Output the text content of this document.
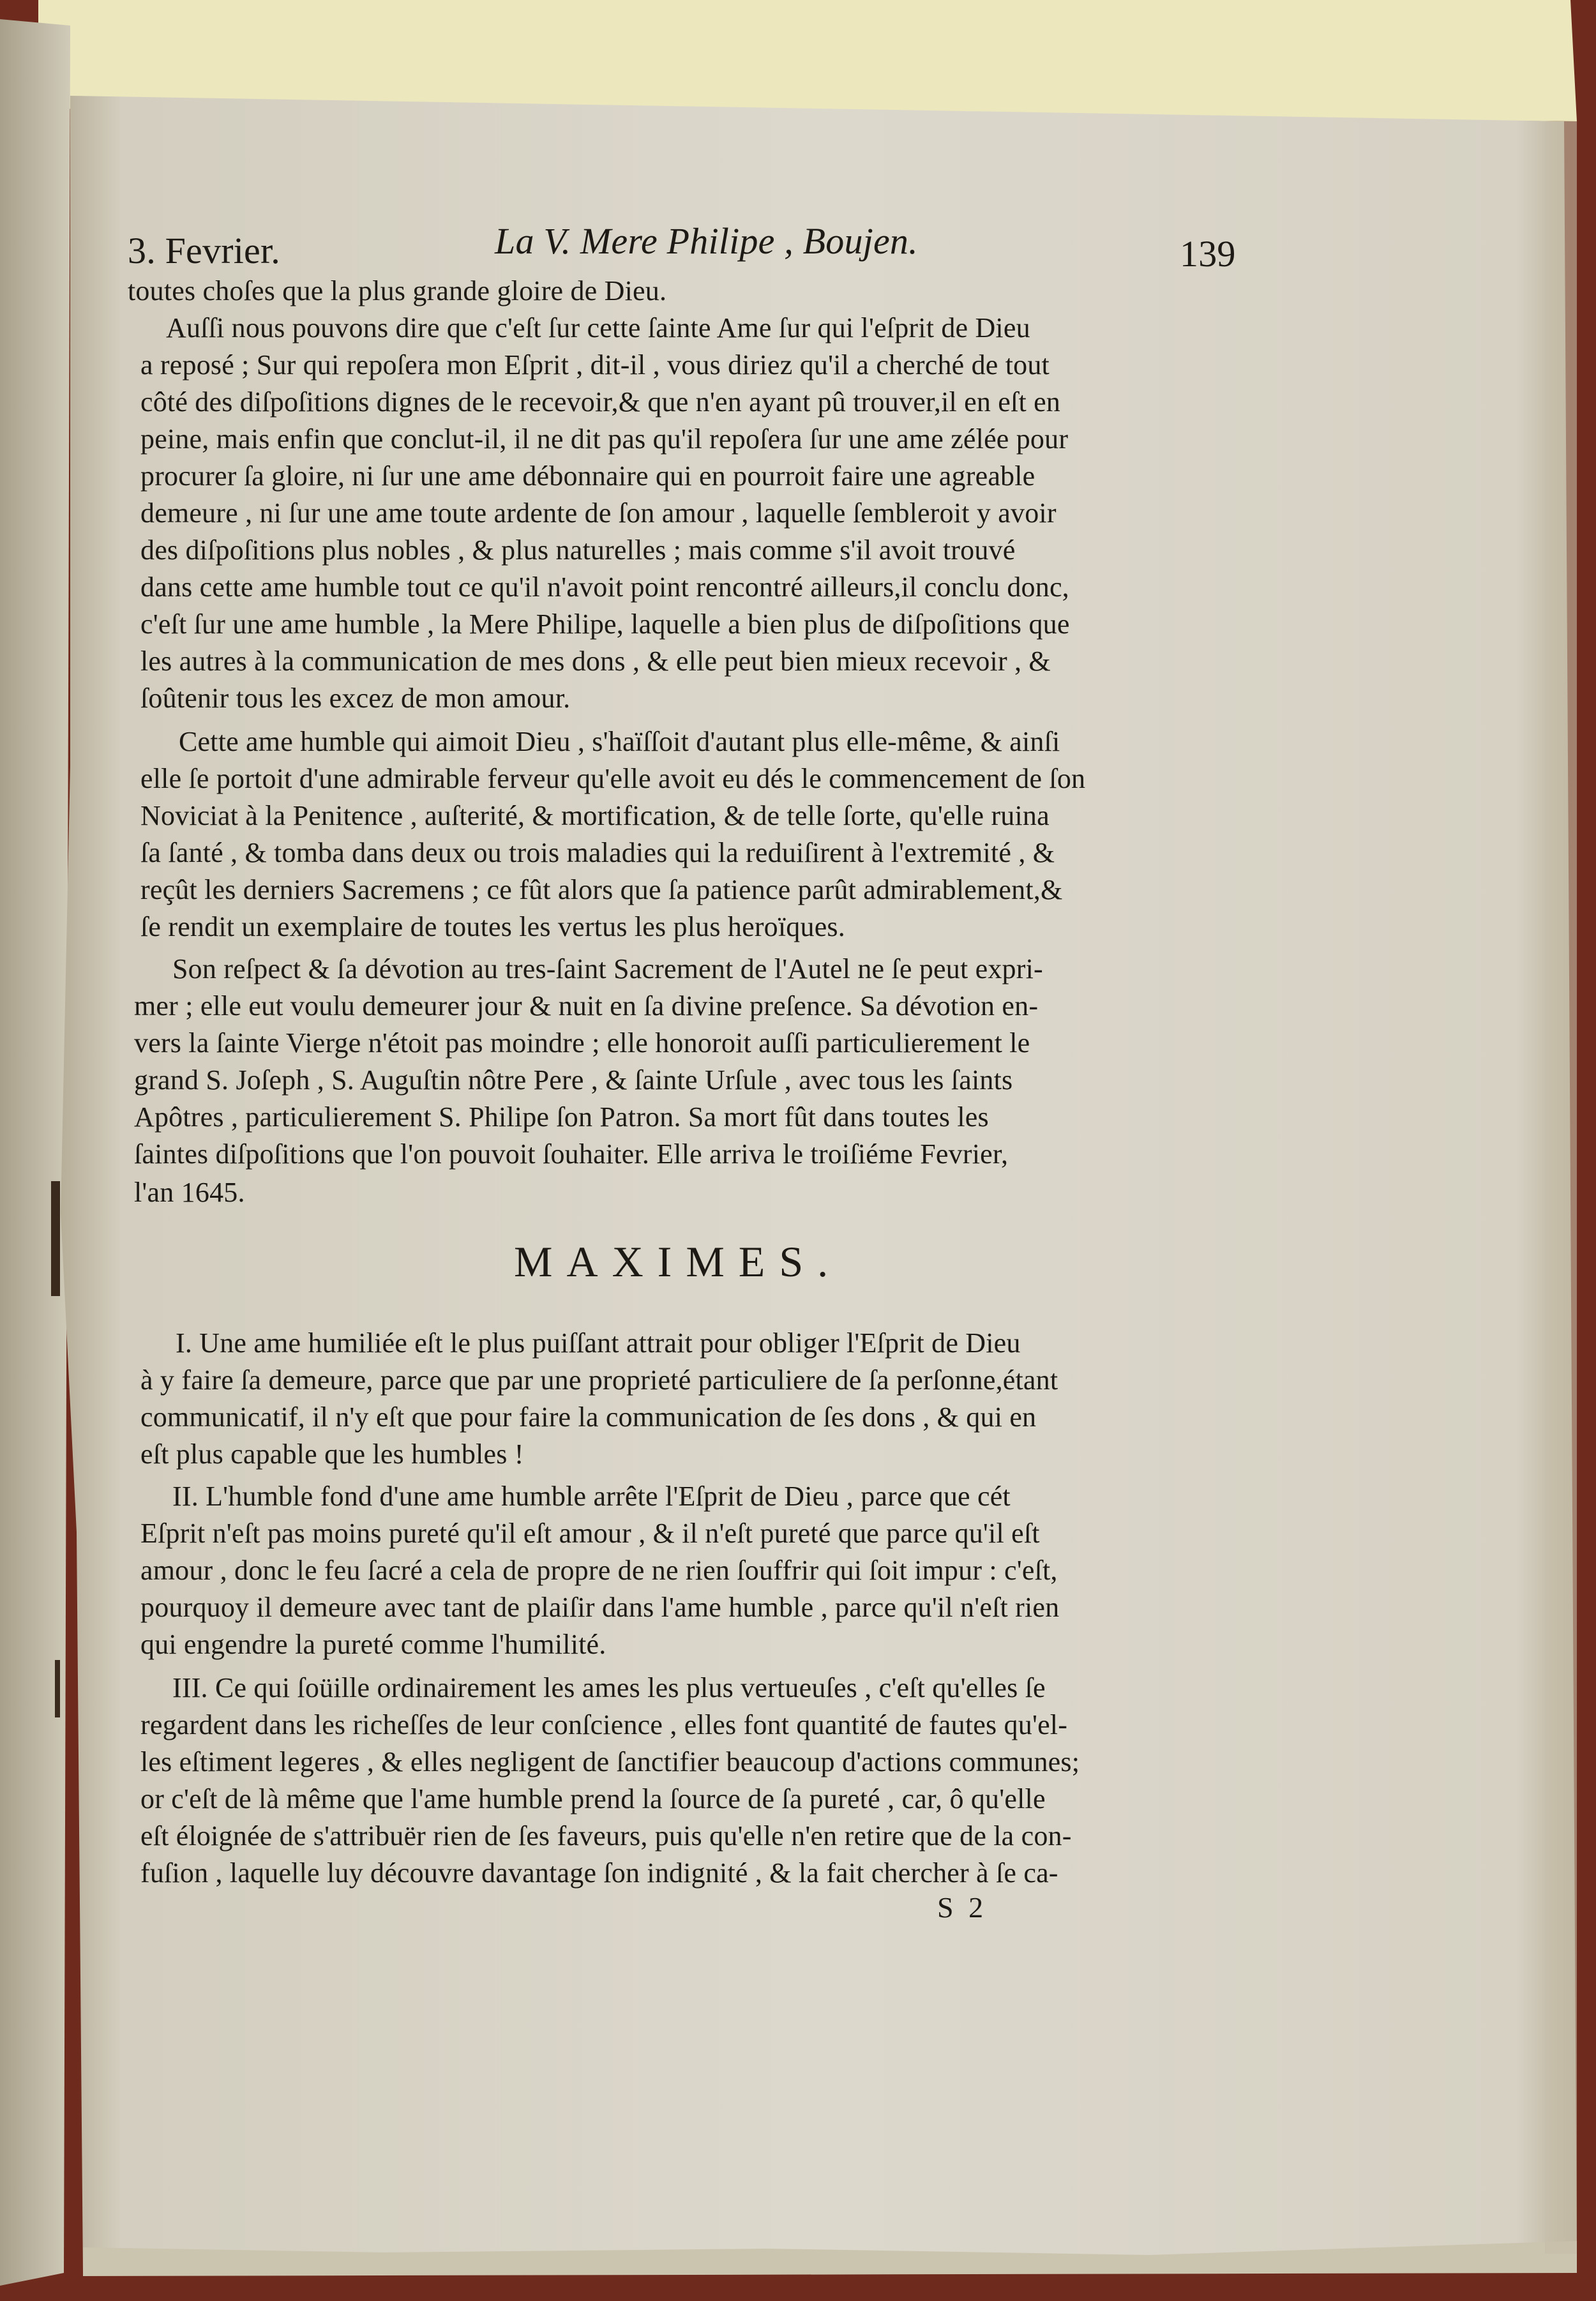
3. Fevrier.	La V. Mere Philipe , Boujen.	139

toutes choſes que la plus grande gloire de Dieu.

Auſſi nous pouvons dire que c'eſt ſur cette ſainte Ame ſur qui l'eſprit de Dieu

a reposé ; Sur qui repoſera mon Eſprit , dit-il , vous diriez qu'il a cherché de tout

côté des diſpoſitions dignes de le recevoir,& que n'en ayant pû trouver,il en eſt en

peine, mais enfin que conclut-il, il ne dit pas qu'il repoſera ſur une ame zélée pour

procurer ſa gloire, ni ſur une ame débonnaire qui en pourroit faire une agreable

demeure , ni ſur une ame toute ardente de ſon amour , laquelle ſembleroit y avoir

des diſpoſitions plus nobles , & plus naturelles ; mais comme s'il avoit trouvé

dans cette ame humble tout ce qu'il n'avoit point rencontré ailleurs,il conclu donc,

c'eſt ſur une ame humble , la Mere Philipe, laquelle a bien plus de diſpoſitions que

les autres à la communication de mes dons , & elle peut bien mieux recevoir , &

ſoûtenir tous les excez de mon amour.

Cette ame humble qui aimoit Dieu , s'haïſſoit d'autant plus elle-même, & ainſi

elle ſe portoit d'une admirable ferveur qu'elle avoit eu dés le commencement de ſon

Noviciat à la Penitence , auſterité, & mortification, & de telle ſorte, qu'elle ruina

ſa ſanté , & tomba dans deux ou trois maladies qui la reduiſirent à l'extremité , &

reçût les derniers Sacremens ; ce fût alors que ſa patience parût admirablement,&

ſe rendit un exemplaire de toutes les vertus les plus heroïques.

Son reſpect & ſa dévotion au tres-ſaint Sacrement de l'Autel ne ſe peut expri-

mer ; elle eut voulu demeurer jour & nuit en ſa divine preſence. Sa dévotion en-

vers la ſainte Vierge n'étoit pas moindre ; elle honoroit auſſi particulierement le

grand S. Joſeph , S. Auguſtin nôtre Pere , & ſainte Urſule , avec tous les ſaints

Apôtres , particulierement S. Philipe ſon Patron. Sa mort fût dans toutes les

ſaintes diſpoſitions que l'on pouvoit ſouhaiter. Elle arriva le troiſiéme Fevrier,

l'an 1645.

MAXIMES.

I. Une ame humiliée eſt le plus puiſſant attrait pour obliger l'Eſprit de Dieu

à y faire ſa demeure, parce que par une proprieté particuliere de ſa perſonne,étant

communicatif, il n'y eſt que pour faire la communication de ſes dons , & qui en

eſt plus capable que les humbles !

II. L'humble fond d'une ame humble arrête l'Eſprit de Dieu , parce que cét

Eſprit n'eſt pas moins pureté qu'il eſt amour , & il n'eſt pureté que parce qu'il eſt

amour , donc le feu ſacré a cela de propre de ne rien ſouffrir qui ſoit impur : c'eſt,

pourquoy il demeure avec tant de plaiſir dans l'ame humble , parce qu'il n'eſt rien

qui engendre la pureté comme l'humilité.

III. Ce qui ſoüille ordinairement les ames les plus vertueuſes , c'eſt qu'elles ſe

regardent dans les richeſſes de leur conſcience , elles font quantité de fautes qu'el-

les eſtiment legeres , & elles negligent de ſanctifier beaucoup d'actions communes;

or c'eſt de là même que l'ame humble prend la ſource de ſa pureté , car, ô qu'elle

eſt éloignée de s'attribuër rien de ſes faveurs, puis qu'elle n'en retire que de la con-

fuſion , laquelle luy découvre davantage ſon indignité , & la fait chercher à ſe ca-

S 2
